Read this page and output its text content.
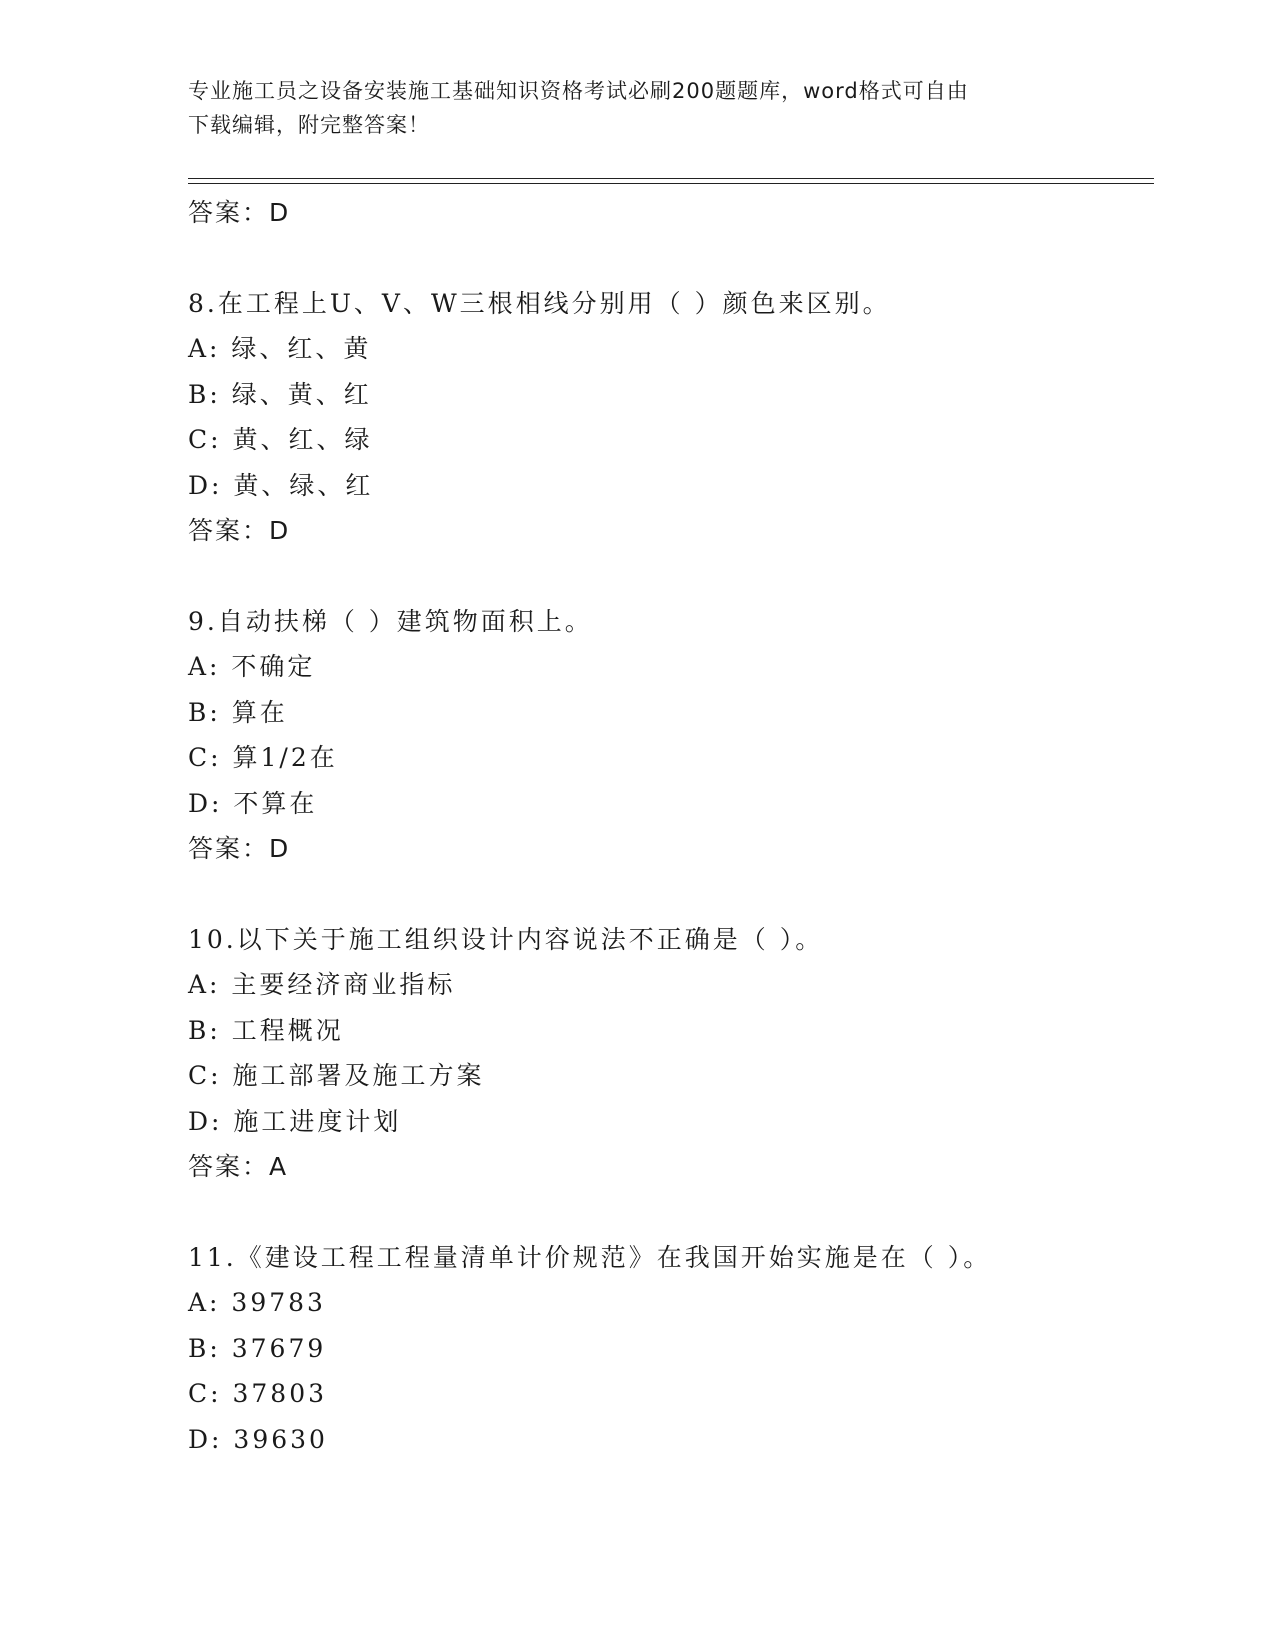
专业施工员之设备安装施工基础知识资格考试必刷200题题库，word格式可自由
下载编辑，附完整答案！
答案：D
8.在工程上U、V、W三根相线分别用（ ）颜色来区别。
A: 绿、红、黄
B: 绿、黄、红
C: 黄、红、绿
D: 黄、绿、红
答案：D
9.自动扶梯（ ）建筑物面积上。
A: 不确定
B: 算在
C: 算1/2在
D: 不算在
答案：D
10.以下关于施工组织设计内容说法不正确是（ ）。
A: 主要经济商业指标
B: 工程概况
C: 施工部署及施工方案
D: 施工进度计划
答案：A
11.《建设工程工程量清单计价规范》在我国开始实施是在（ ）。
A: 39783
B: 37679
C: 37803
D: 39630
